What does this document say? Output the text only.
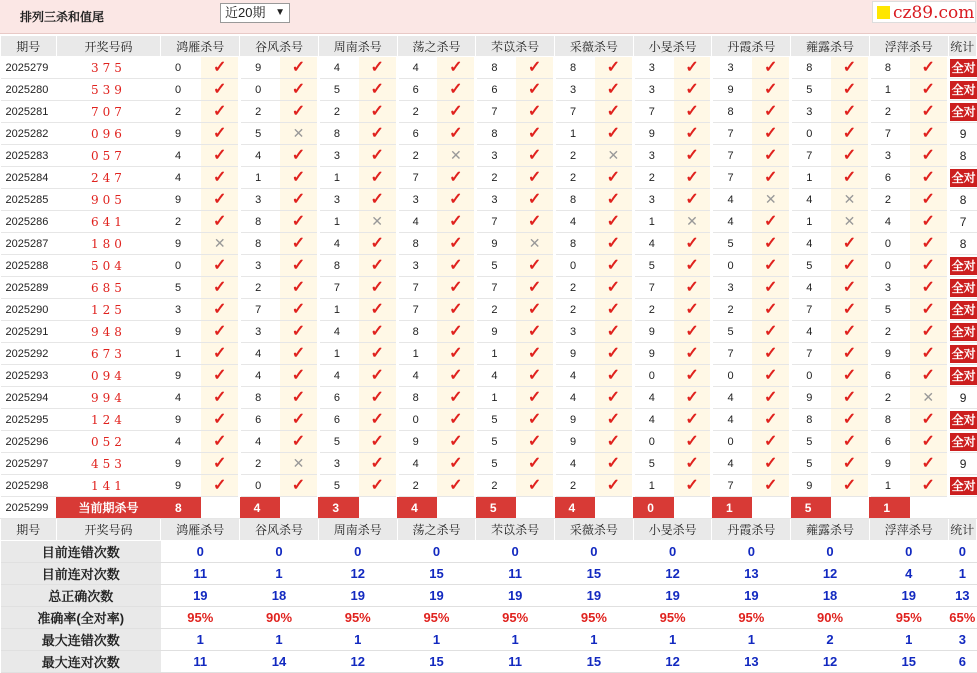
排列三杀和值尾	近20期 ▼	cz89.com
期号	开奖号码	鸿雁杀号		谷风杀号		周南杀号		荡之杀号		芣苡杀号		采薇杀号		小旻杀号		丹霞杀号		蕹露杀号		浮萍杀号		统计
2025279	375	0	✓	9	✓	4	✓	4	✓	8	✓	8	✓	3	✓	3	✓	8	✓	8	✓	全对
2025280	539	0	✓	0	✓	5	✓	6	✓	6	✓	3	✓	3	✓	9	✓	5	✓	1	✓	全对
2025281	707	2	✓	2	✓	2	✓	2	✓	7	✓	7	✓	7	✓	8	✓	3	✓	2	✓	全对
2025282	096	9	✓	5	✕	8	✓	6	✓	8	✓	1	✓	9	✓	7	✓	0	✓	7	✓	9
2025283	057	4	✓	4	✓	3	✓	2	✕	3	✓	2	✕	3	✓	7	✓	7	✓	3	✓	8
2025284	247	4	✓	1	✓	1	✓	7	✓	2	✓	2	✓	2	✓	7	✓	1	✓	6	✓	全对
2025285	905	9	✓	3	✓	3	✓	3	✓	3	✓	8	✓	3	✓	4	✕	4	✕	2	✓	8
2025286	641	2	✓	8	✓	1	✕	4	✓	7	✓	4	✓	1	✕	4	✓	1	✕	4	✓	7
2025287	180	9	✕	8	✓	4	✓	8	✓	9	✕	8	✓	4	✓	5	✓	4	✓	0	✓	8
2025288	504	0	✓	3	✓	8	✓	3	✓	5	✓	0	✓	5	✓	0	✓	5	✓	0	✓	全对
2025289	685	5	✓	2	✓	7	✓	7	✓	7	✓	2	✓	7	✓	3	✓	4	✓	3	✓	全对
2025290	125	3	✓	7	✓	1	✓	7	✓	2	✓	2	✓	2	✓	2	✓	7	✓	5	✓	全对
2025291	948	9	✓	3	✓	4	✓	8	✓	9	✓	3	✓	9	✓	5	✓	4	✓	2	✓	全对
2025292	673	1	✓	4	✓	1	✓	1	✓	1	✓	9	✓	9	✓	7	✓	7	✓	9	✓	全对
2025293	094	9	✓	4	✓	4	✓	4	✓	4	✓	4	✓	0	✓	0	✓	0	✓	6	✓	全对
2025294	994	4	✓	8	✓	6	✓	8	✓	1	✓	4	✓	4	✓	4	✓	9	✓	2	✕	9
2025295	124	9	✓	6	✓	6	✓	0	✓	5	✓	9	✓	4	✓	4	✓	8	✓	8	✓	全对
2025296	052	4	✓	4	✓	5	✓	9	✓	5	✓	9	✓	0	✓	0	✓	5	✓	6	✓	全对
2025297	453	9	✓	2	✕	3	✓	4	✓	5	✓	4	✓	5	✓	4	✓	5	✓	9	✓	9
2025298	141	9	✓	0	✓	5	✓	2	✓	2	✓	2	✓	1	✓	7	✓	9	✓	1	✓	全对
2025299	当前期杀号	8		4		3		4		5		4		0		1		5		1		
期号	开奖号码	鸿雁杀号		谷风杀号		周南杀号		荡之杀号		芣苡杀号		采薇杀号		小旻杀号		丹霞杀号		蕹露杀号		浮萍杀号		统计
目前连错次数		0		0		0		0		0		0		0		0		0		0		0
目前连对次数		11		1		12		15		11		15		12		13		12		4		1
总正确次数		19		18		19		19		19		19		19		19		18		19		13
准确率(全对率)		95%		90%		95%		95%		95%		95%		95%		95%		90%		95%		65%
最大连错次数		1		1		1		1		1		1		1		1		2		1		3
最大连对次数		11		14		12		15		11		15		12		13		12		15		6
